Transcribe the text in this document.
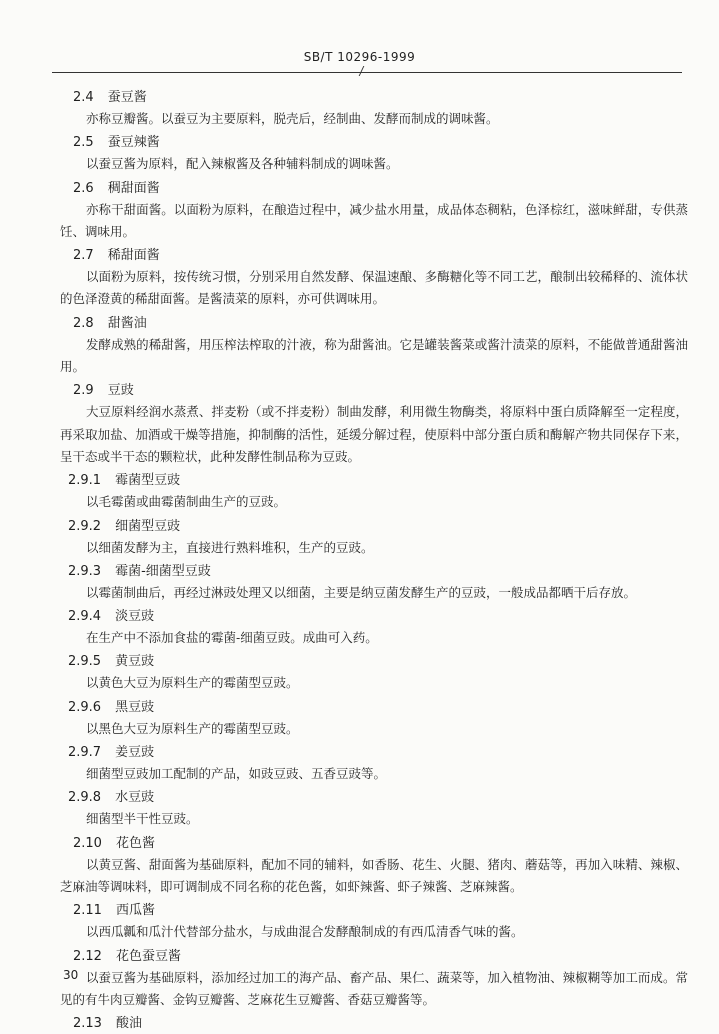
SB/T 10296-1999
2.4 蚕豆酱
亦称豆瓣酱。以蚕豆为主要原料，脱壳后，经制曲、发酵而制成的调味酱。
2.5 蚕豆辣酱
以蚕豆酱为原料，配入辣椒酱及各种辅料制成的调味酱。
2.6 稠甜面酱
亦称干甜面酱。以面粉为原料，在酿造过程中，减少盐水用量，成品体态稠粘，色泽棕红，滋味鲜甜，专供蒸饪、调味用。
2.7 稀甜面酱
以面粉为原料，按传统习惯，分别采用自然发酵、保温速酿、多酶糖化等不同工艺，酿制出较稀释的、流体状的色泽澄黄的稀甜面酱。是酱渍菜的原料，亦可供调味用。
2.8 甜酱油
发酵成熟的稀甜酱，用压榨法榨取的汁液，称为甜酱油。它是罐装酱菜或酱汁渍菜的原料，不能做普通甜酱油用。
2.9 豆豉
大豆原料经润水蒸煮、拌麦粉（或不拌麦粉）制曲发酵，利用微生物酶类，将原料中蛋白质降解至一定程度，再采取加盐、加酒或干燥等措施，抑制酶的活性，延缓分解过程，使原料中部分蛋白质和酶解产物共同保存下来，呈干态或半干态的颗粒状，此种发酵性制品称为豆豉。
2.9.1 霉菌型豆豉
以毛霉菌或曲霉菌制曲生产的豆豉。
2.9.2 细菌型豆豉
以细菌发酵为主，直接进行熟料堆积，生产的豆豉。
2.9.3 霉菌-细菌型豆豉
以霉菌制曲后，再经过淋豉处理又以细菌，主要是纳豆菌发酵生产的豆豉，一般成品都晒干后存放。
2.9.4 淡豆豉
在生产中不添加食盐的霉菌-细菌豆豉。成曲可入药。
2.9.5 黄豆豉
以黄色大豆为原料生产的霉菌型豆豉。
2.9.6 黑豆豉
以黑色大豆为原料生产的霉菌型豆豉。
2.9.7 姜豆豉
细菌型豆豉加工配制的产品，如豉豆豉、五香豆豉等。
2.9.8 水豆豉
细菌型半干性豆豉。
2.10 花色酱
以黄豆酱、甜面酱为基础原料，配加不同的辅料，如香肠、花生、火腿、猪肉、蘑菇等，再加入味精、辣椒、芝麻油等调味料，即可调制成不同名称的花色酱，如虾辣酱、虾子辣酱、芝麻辣酱。
2.11 西瓜酱
以西瓜瓤和瓜汁代替部分盐水，与成曲混合发酵酿制成的有西瓜清香气味的酱。
2.12 花色蚕豆酱
以蚕豆酱为基础原料，添加经过加工的海产品、畜产品、果仁、蔬菜等，加入植物油、辣椒糊等加工而成。常见的有牛肉豆瓣酱、金钩豆瓣酱、芝麻花生豆瓣酱、香菇豆瓣酱等。
2.13 酸油
30
